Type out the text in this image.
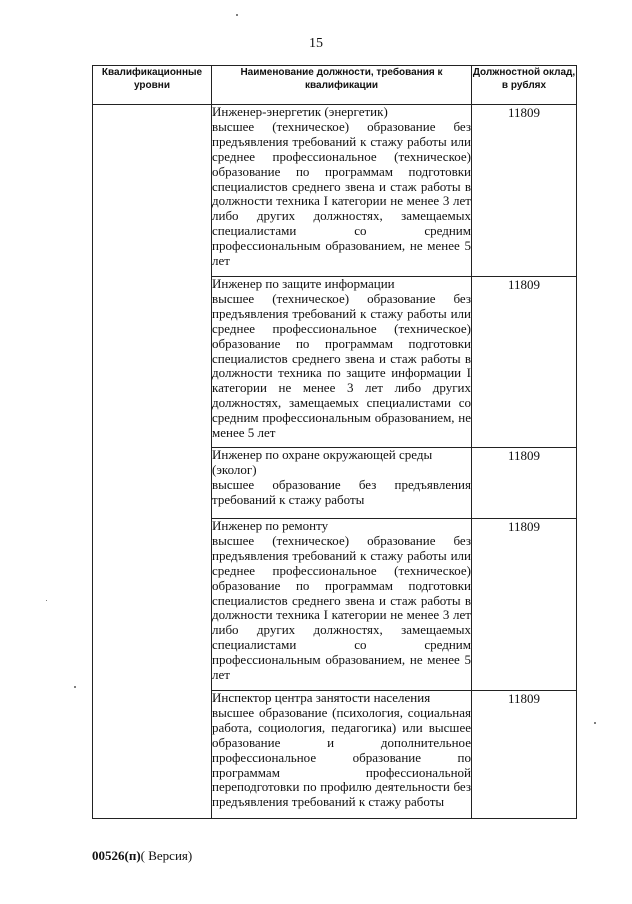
15
Квалификационные уровни	Наименование должности, требования к квалификации	Должностной оклад, в рублях

	Инженер-энергетик (энергетик)
высшее (техническое) образование без предъявления требований к стажу работы или среднее профессиональное (техническое) образование по программам подготовки специалистов среднего звена и стаж работы в должности техника I категории не менее 3 лет либо других должностях, замещаемых специалистами со средним профессиональным образованием, не менее 5 лет	11809

	Инженер по защите информации
высшее (техническое) образование без предъявления требований к стажу работы или среднее профессиональное (техническое) образование по программам подготовки специалистов среднего звена и стаж работы в должности техника по защите информации I категории не менее 3 лет либо других должностях, замещаемых специалистами со средним профессиональным образованием, не менее 5 лет	11809

	Инженер по охране окружающей среды (эколог)
высшее образование без предъявления требований к стажу работы	11809

	Инженер по ремонту
высшее (техническое) образование без предъявления требований к стажу работы или среднее профессиональное (техническое) образование по программам подготовки специалистов среднего звена и стаж работы в должности техника I категории не менее 3 лет либо других должностях, замещаемых специалистами со средним профессиональным образованием, не менее 5 лет	11809

	Инспектор центра занятости населения
высшее образование (психология, социальная работа, социология, педагогика) или высшее образование и дополнительное профессиональное образование по программам профессиональной переподготовки по профилю деятельности без предъявления требований к стажу работы	11809
00526(п)( Версия)
